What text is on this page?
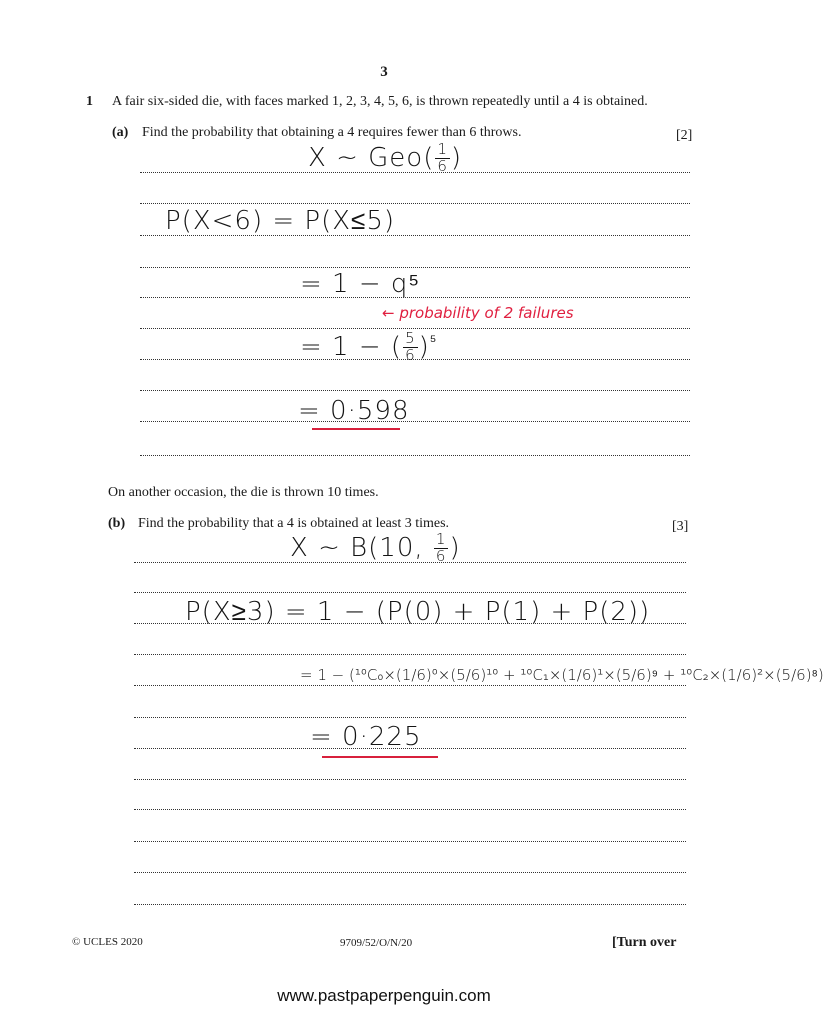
3
1 A fair six-sided die, with faces marked 1, 2, 3, 4, 5, 6, is thrown repeatedly until a 4 is obtained.
(a) Find the probability that obtaining a 4 requires fewer than 6 throws.	[2]
X ~ $Geo( \frac{1}{6}$ )
P(X<6) = P(X≤5)
= 1 − q⁵
← probability of 2 failures
= 1 − ( $\frac{5}{6} )^{^5}$
= 0·598
On another occasion, the die is thrown 10 times.
(b) Find the probability that a 4 is obtained at least 3 times.	[3]
X ~ B(10, $\frac{1}{6}$ )
P(X≥3) = 1 − (P(0) + P(1) + P(2))
= 1 − (¹⁰C₀×(1/6)⁰×(5/6)¹⁰ + ¹⁰C₁×(1/6)¹×(5/6)⁹ + ¹⁰C₂×(1/6)²×(5/6)⁸)
= 0·225
© UCLES 2020	9709/52/O/N/20	[Turn over
www.pastpaperpenguin.com
